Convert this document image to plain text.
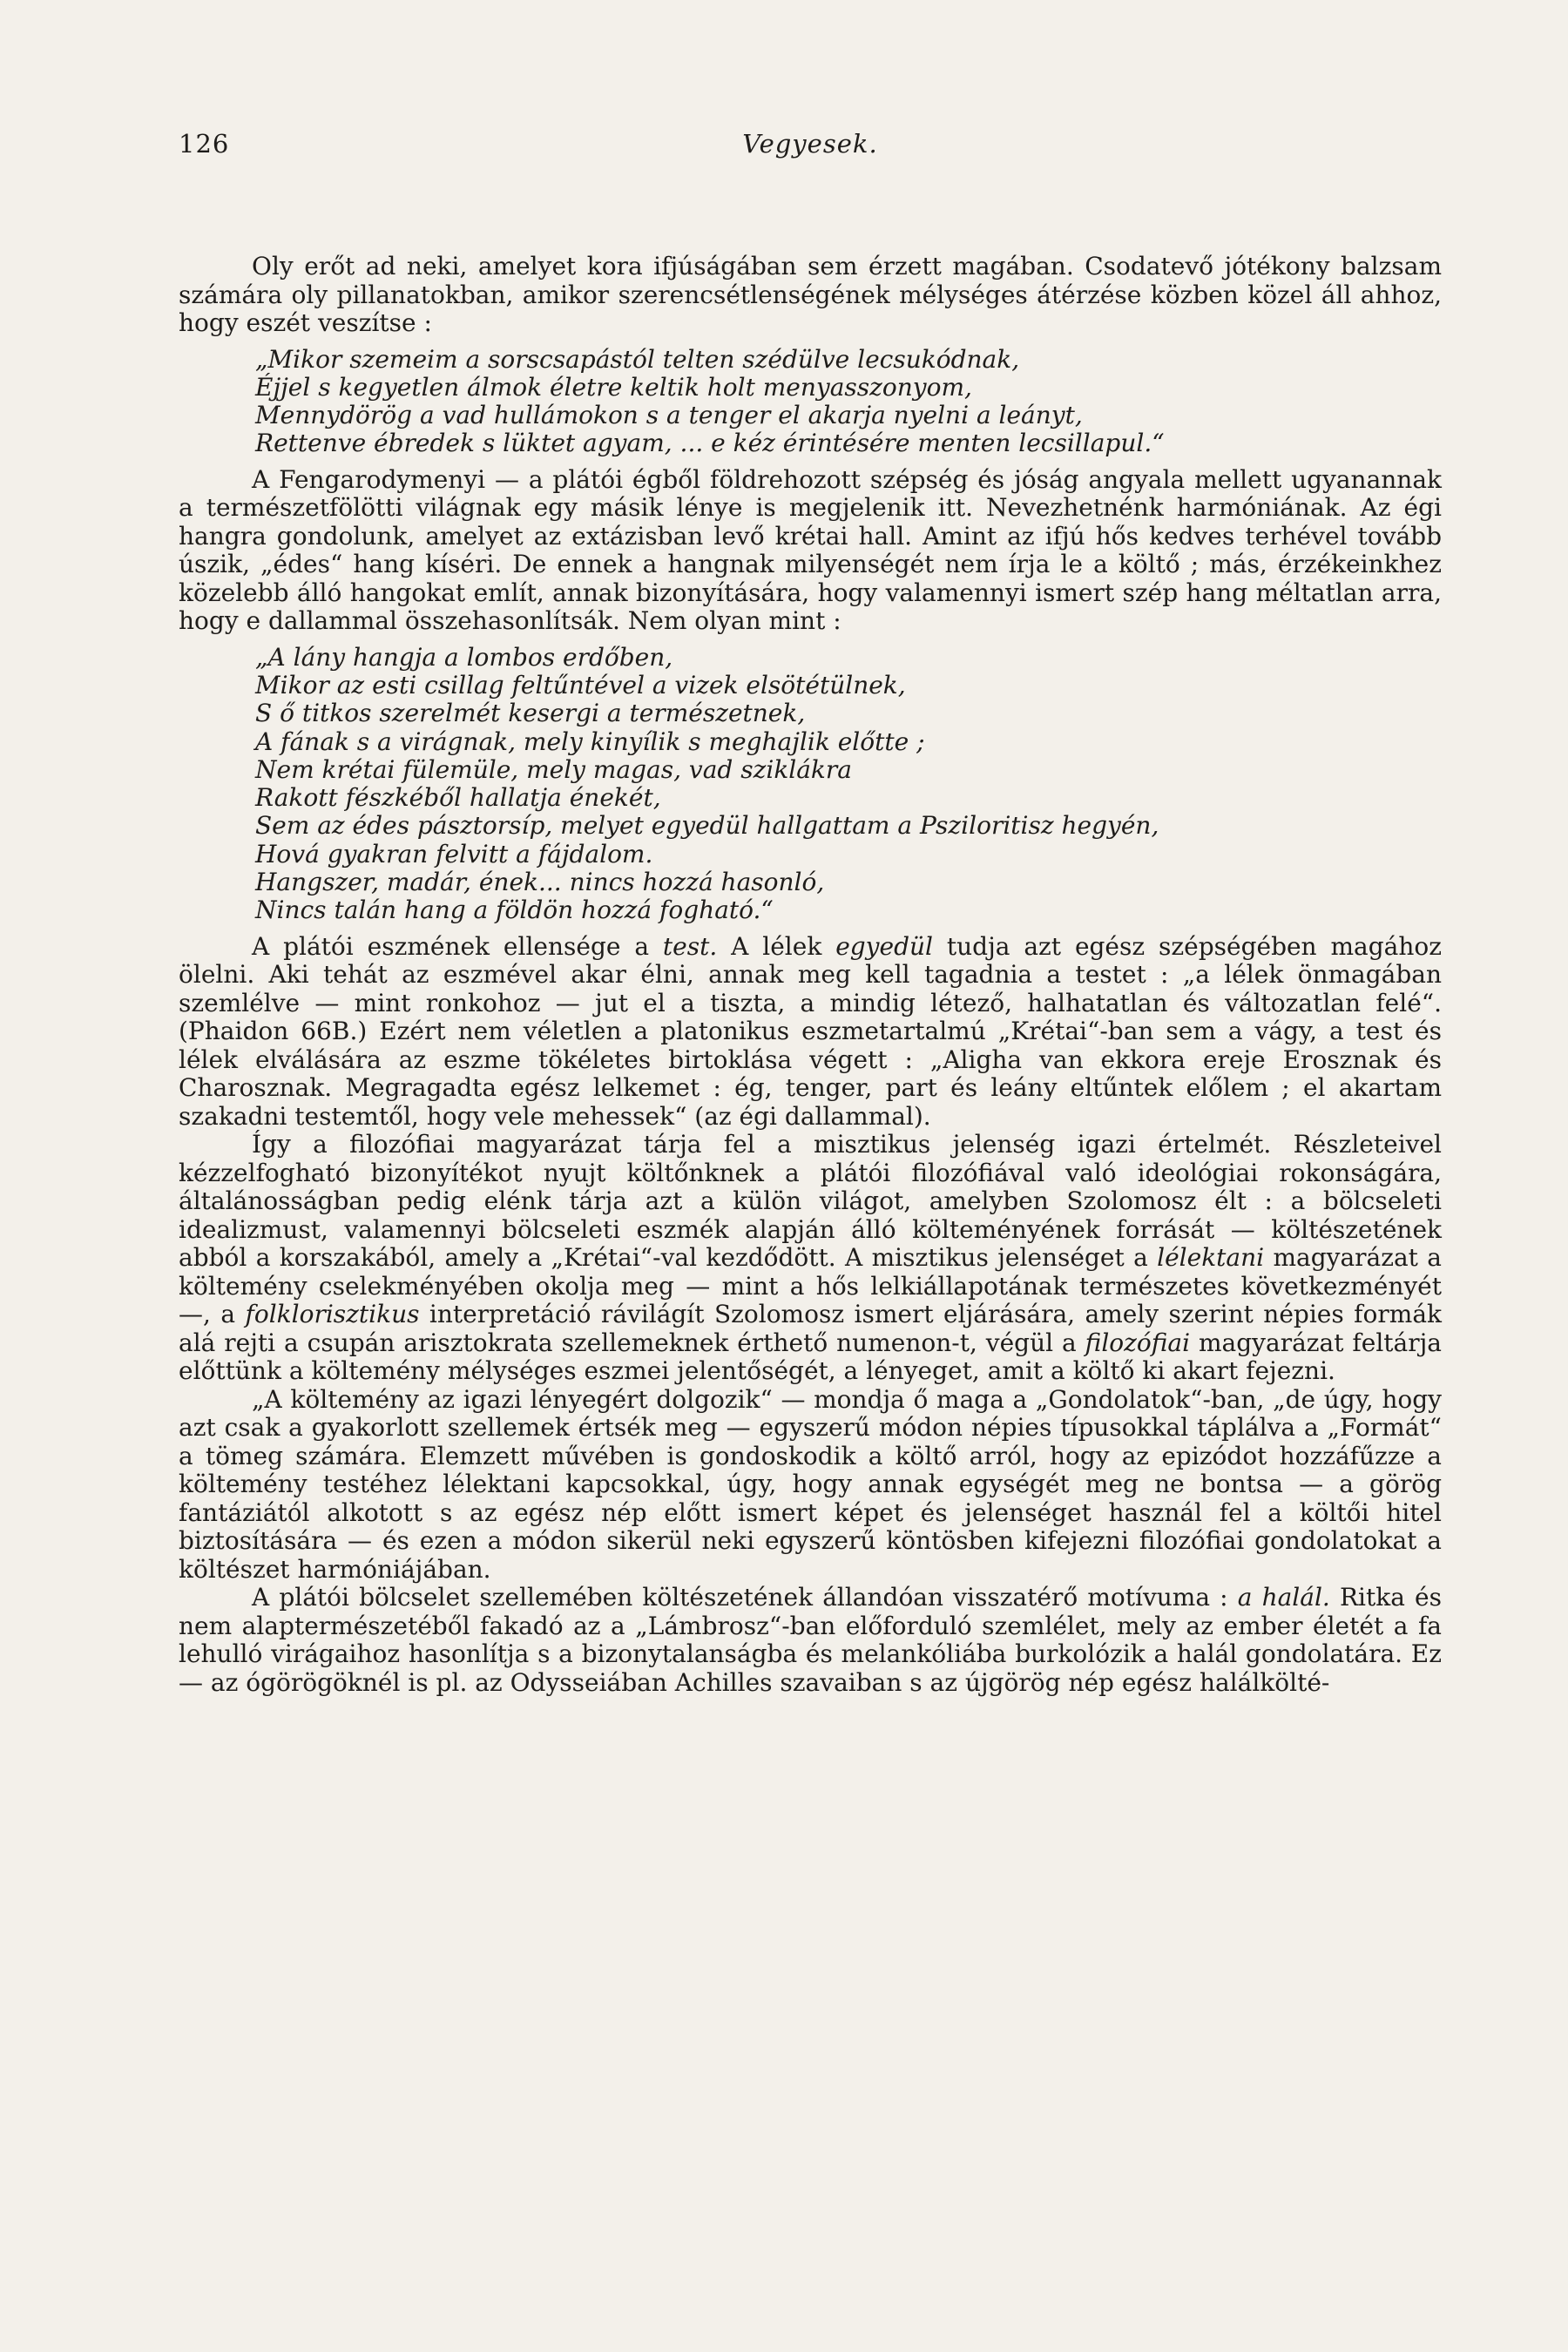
126	Vegyesek.

Oly erőt ad neki, amelyet kora ifjúságában sem érzett magában. Csodatevő jótékony balzsam számára oly pillanatokban, amikor szerencsétlenségének mélységes átérzése közben közel áll ahhoz, hogy eszét veszítse :

„Mikor szemeim a sorscsapástól telten szédülve lecsukódnak,
Éjjel s kegyetlen álmok életre keltik holt menyasszonyom,
Mennydörög a vad hullámokon s a tenger el akarja nyelni a leányt,
Rettenve ébredek s lüktet agyam, ... e kéz érintésére menten lecsillapul.“

A Fengarodymenyi — a plátói égből földrehozott szépség és jóság angyala mellett ugyanannak a természetfölötti világnak egy másik lénye is megjelenik itt. Nevezhetnénk harmóniának. Az égi hangra gondolunk, amelyet az extázisban levő krétai hall. Amint az ifjú hős kedves terhével tovább úszik, „édes“ hang kíséri. De ennek a hangnak milyenségét nem írja le a költő ; más, érzékeinkhez közelebb álló hangokat említ, annak bizonyítására, hogy valamennyi ismert szép hang méltatlan arra, hogy e dallammal összehasonlítsák. Nem olyan mint :

„A lány hangja a lombos erdőben,
Mikor az esti csillag feltűntével a vizek elsötétülnek,
S ő titkos szerelmét kesergi a természetnek,
A fának s a virágnak, mely kinyílik s meghajlik előtte ;
Nem krétai fülemüle, mely magas, vad sziklákra
Rakott fészkéből hallatja énekét,
Sem az édes pásztorsíp, melyet egyedül hallgattam a Psziloritisz hegyén,
Hová gyakran felvitt a fájdalom.
Hangszer, madár, ének... nincs hozzá hasonló,
Nincs talán hang a földön hozzá fogható.“

A plátói eszmének ellensége a test. A lélek egyedül tudja azt egész szépségében magához ölelni. Aki tehát az eszmével akar élni, annak meg kell tagadnia a testet : „a lélek önmagában szemlélve — mint ronkohoz — jut el a tiszta, a mindig létező, halhatatlan és változatlan felé“. (Phaidon 66B.) Ezért nem véletlen a platonikus eszmetartalmú „Krétai“-ban sem a vágy, a test és lélek elválására az eszme tökéletes birtoklása végett : „Aligha van ekkora ereje Erosznak és Charosznak. Megragadta egész lelkemet : ég, tenger, part és leány eltűntek előlem ; el akartam szakadni testemtől, hogy vele mehessek“ (az égi dallammal).

Így a filozófiai magyarázat tárja fel a misztikus jelenség igazi értelmét. Részleteivel kézzelfogható bizonyítékot nyujt költőnknek a plátói filozófiával való ideológiai rokonságára, általánosságban pedig elénk tárja azt a külön világot, amelyben Szolomosz élt : a bölcseleti idealizmust, valamennyi bölcseleti eszmék alapján álló költeményének forrását — költészetének abból a korszakából, amely a „Krétai“-val kezdődött. A misztikus jelenséget a lélektani magyarázat a költemény cselekményében okolja meg — mint a hős lelkiállapotának természetes következményét —, a folklorisztikus interpretáció rávilágít Szolomosz ismert eljárására, amely szerint népies formák alá rejti a csupán arisztokrata szellemeknek érthető numenon-t, végül a filozófiai magyarázat feltárja előttünk a költemény mélységes eszmei jelentőségét, a lényeget, amit a költő ki akart fejezni.

„A költemény az igazi lényegért dolgozik“ — mondja ő maga a „Gondolatok“-ban, „de úgy, hogy azt csak a gyakorlott szellemek értsék meg — egyszerű módon népies típusokkal táplálva a „Formát“ a tömeg számára. Elemzett művében is gondoskodik a költő arról, hogy az epizódot hozzáfűzze a költemény testéhez lélektani kapcsokkal, úgy, hogy annak egységét meg ne bontsa — a görög fantáziától alkotott s az egész nép előtt ismert képet és jelenséget használ fel a költői hitel biztosítására — és ezen a módon sikerül neki egyszerű köntösben kifejezni filozófiai gondolatokat a költészet harmóniájában.

A plátói bölcselet szellemében költészetének állandóan visszatérő motívuma : a halál. Ritka és nem alaptermészetéből fakadó az a „Lámbrosz“-ban előforduló szemlélet, mely az ember életét a fa lehulló virágaihoz hasonlítja s a bizonytalanságba és melankóliába burkolózik a halál gondolatára. Ez — az ógörögöknél is pl. az Odysseiában Achilles szavaiban s az újgörög nép egész halálkölté-
